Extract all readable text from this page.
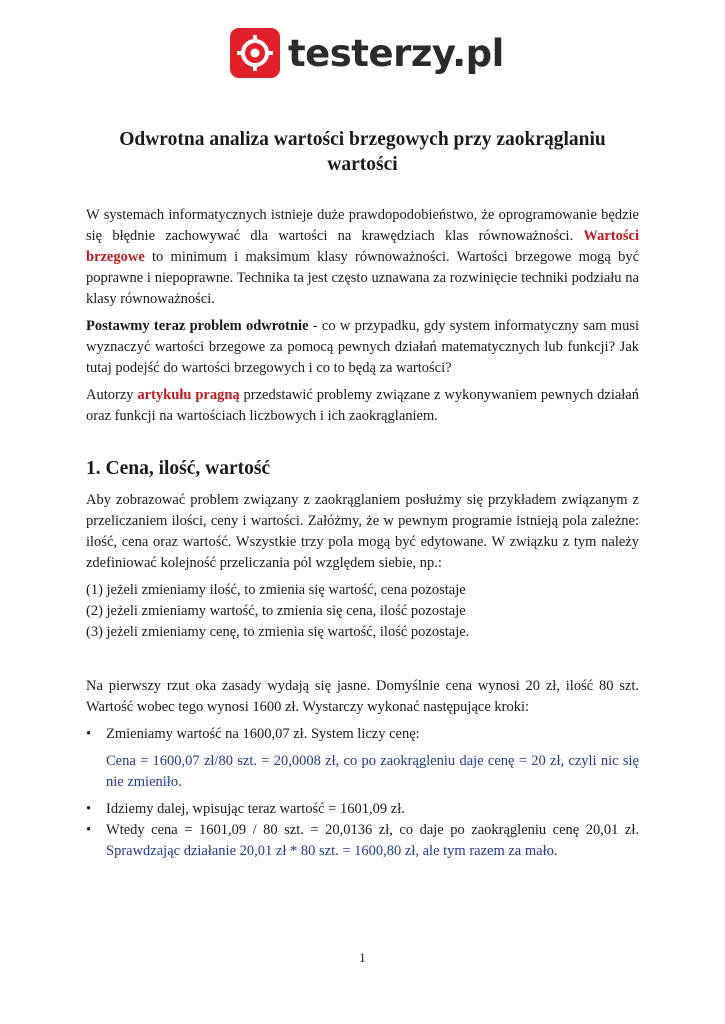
testerzy.pl
Odwrotna analiza wartości brzegowych przy zaokrąglaniu wartości

W systemach informatycznych istnieje duże prawdopodobieństwo, że oprogramowanie będzie się błędnie zachowywać dla wartości na krawędziach klas równoważności. Wartości brzegowe to minimum i maksimum klasy równoważności. Wartości brzegowe mogą być poprawne i niepoprawne. Technika ta jest często uznawana za rozwinięcie techniki podziału na klasy równoważności.

Postawmy teraz problem odwrotnie - co w przypadku, gdy system informatyczny sam musi wyznaczyć wartości brzegowe za pomocą pewnych działań matematycznych lub funkcji? Jak tutaj podejść do wartości brzegowych i co to będą za wartości?

Autorzy artykułu pragną przedstawić problemy związane z wykonywaniem pewnych działań oraz funkcji na wartościach liczbowych i ich zaokrąglaniem.

1. Cena, ilość, wartość

Aby zobrazować problem związany z zaokrąglaniem posłużmy się przykładem związanym z przeliczaniem ilości, ceny i wartości. Załóżmy, że w pewnym programie istnieją pola zależne: ilość, cena oraz wartość. Wszystkie trzy pola mogą być edytowane. W związku z tym należy zdefiniować kolejność przeliczania pól względem siebie, np.:

(1) jeżeli zmieniamy ilość, to zmienia się wartość, cena pozostaje

(2) jeżeli zmieniamy wartość, to zmienia się cena, ilość pozostaje

(3) jeżeli zmieniamy cenę, to zmienia się wartość, ilość pozostaje.

Na pierwszy rzut oka zasady wydają się jasne. Domyślnie cena wynosi 20 zł, ilość 80 szt. Wartość wobec tego wynosi 1600 zł. Wystarczy wykonać następujące kroki:

• Zmieniamy wartość na 1600,07 zł. System liczy cenę:
Cena = 1600,07 zł/80 szt. = 20,0008 zł, co po zaokrągleniu daje cenę = 20 zł, czyli nic się nie zmieniło.
• Idziemy dalej, wpisując teraz wartość = 1601,09 zł.
• Wtedy cena = 1601,09 / 80 szt. = 20,0136 zł, co daje po zaokrągleniu cenę 20,01 zł. Sprawdzając działanie 20,01 zł * 80 szt. = 1600,80 zł, ale tym razem za mało.
1
